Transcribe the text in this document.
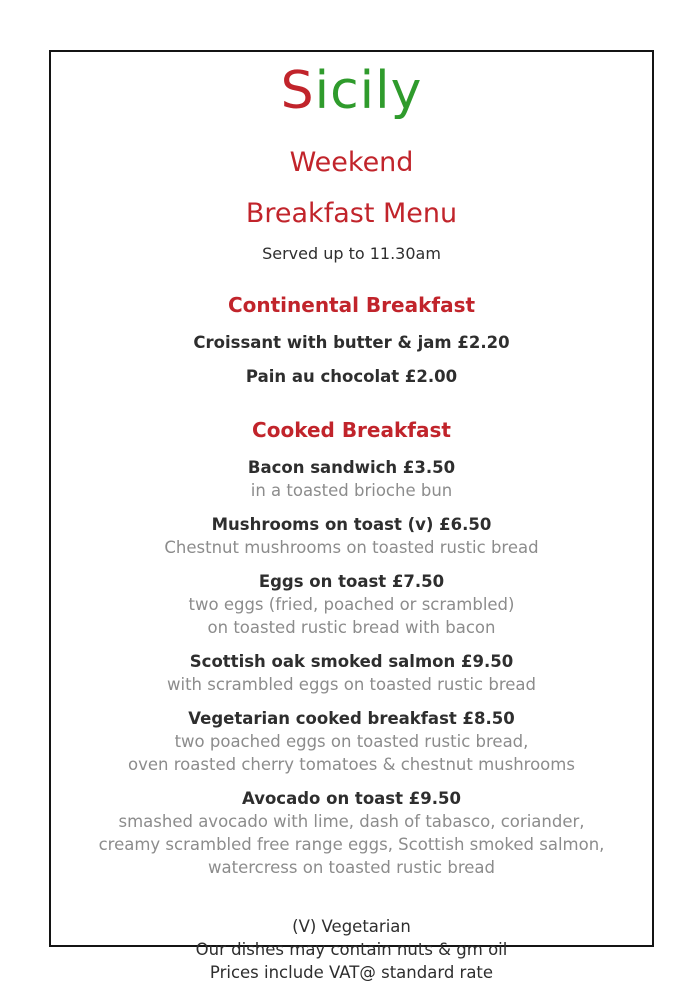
Sicily
Weekend
Breakfast Menu
Served up to 11.30am
Continental Breakfast
Croissant with butter & jam £2.20
Pain au chocolat £2.00
Cooked Breakfast
Bacon sandwich £3.50
in a toasted brioche bun
Mushrooms on toast (v) £6.50
Chestnut mushrooms on toasted rustic bread
Eggs on toast £7.50
two eggs (fried, poached or scrambled)
on toasted rustic bread with bacon
Scottish oak smoked salmon £9.50
with scrambled eggs on toasted rustic bread
Vegetarian cooked breakfast £8.50
two poached eggs on toasted rustic bread,
oven roasted cherry tomatoes & chestnut mushrooms
Avocado on toast £9.50
smashed avocado with lime, dash of tabasco, coriander,
creamy scrambled free range eggs, Scottish smoked salmon,
watercress on toasted rustic bread
(V) Vegetarian
Our dishes may contain nuts & gm oil
Prices include VAT@ standard rate
